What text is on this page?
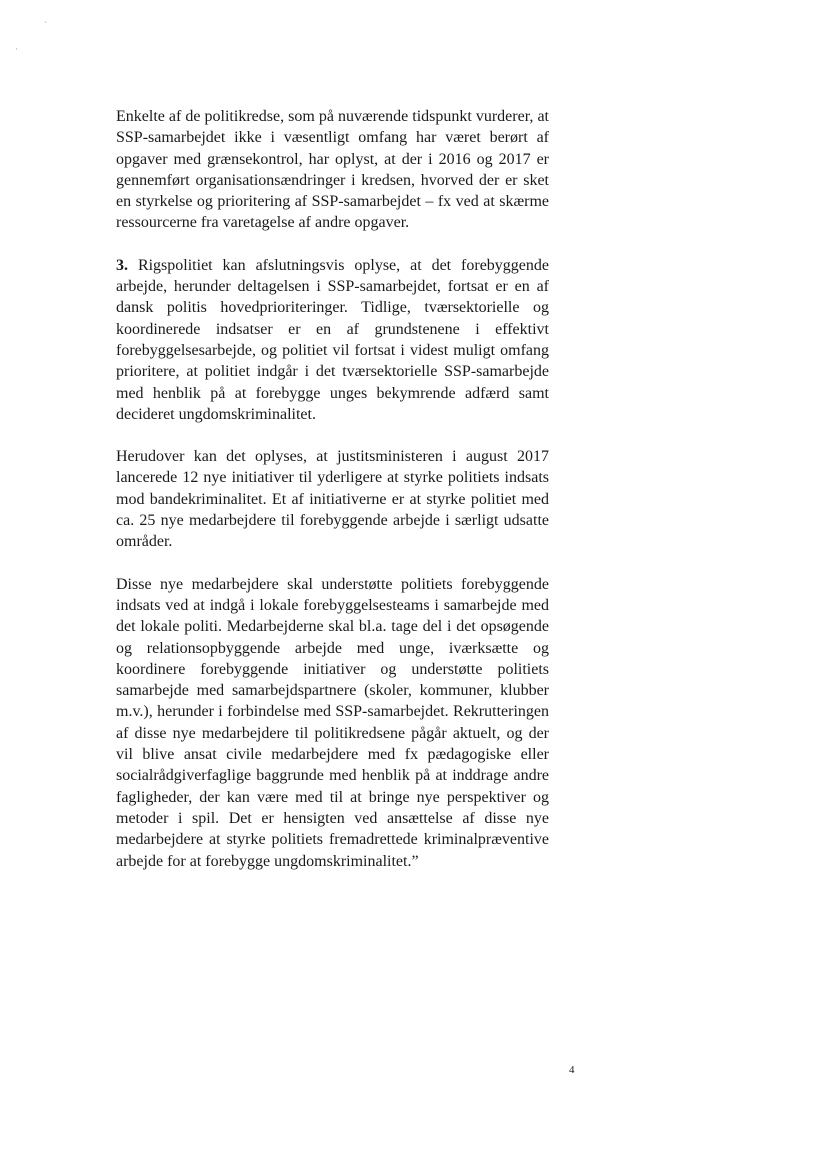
ˏ
·

Enkelte af de politikredse, som på nuværende tidspunkt vurderer, at SSP-samarbejdet ikke i væsentligt omfang har været berørt af opgaver med grænsekontrol, har oplyst, at der i 2016 og 2017 er gennemført organisationsændringer i kredsen, hvorved der er sket en styrkelse og prioritering af SSP-samarbejdet – fx ved at skærme ressourcerne fra varetagelse af andre opgaver.

3. Rigspolitiet kan afslutningsvis oplyse, at det forebyggende arbejde, herunder deltagelsen i SSP-samarbejdet, fortsat er en af dansk politis hovedprioriteringer. Tidlige, tværsektorielle og koordinerede indsatser er en af grundstenene i effektivt forebyggelsesarbejde, og politiet vil fortsat i videst muligt omfang prioritere, at politiet indgår i det tværsektorielle SSP-samarbejde med henblik på at forebygge unges bekymrende adfærd samt decideret ungdomskriminalitet.

Herudover kan det oplyses, at justitsministeren i august 2017 lancerede 12 nye initiativer til yderligere at styrke politiets indsats mod bandekriminalitet. Et af initiativerne er at styrke politiet med ca. 25 nye medarbejdere til forebyggende arbejde i særligt udsatte områder.

Disse nye medarbejdere skal understøtte politiets forebyggende indsats ved at indgå i lokale forebyggelsesteams i samarbejde med det lokale politi. Medarbejderne skal bl.a. tage del i det opsøgende og relationsopbyggende arbejde med unge, iværksætte og koordinere forebyggende initiativer og understøtte politiets samarbejde med samarbejdspartnere (skoler, kommuner, klubber m.v.), herunder i forbindelse med SSP-samarbejdet. Rekrutteringen af disse nye medarbejdere til politikredsene pågår aktuelt, og der vil blive ansat civile medarbejdere med fx pædagogiske eller socialrådgiverfaglige baggrunde med henblik på at inddrage andre fagligheder, der kan være med til at bringe nye perspektiver og metoder i spil. Det er hensigten ved ansættelse af disse nye medarbejdere at styrke politiets fremadrettede kriminalpræventive arbejde for at forebygge ungdomskriminalitet.”

4
